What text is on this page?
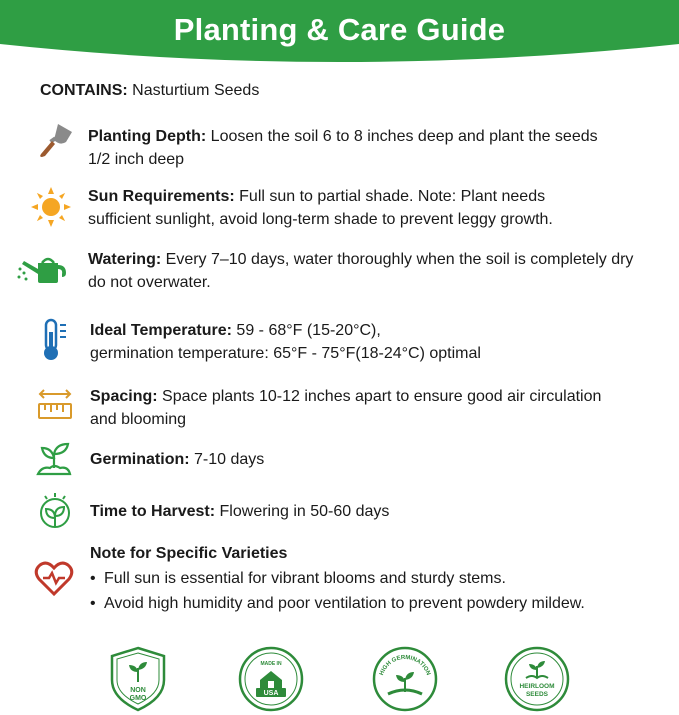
Planting & Care Guide
CONTAINS: Nasturtium Seeds
Planting Depth: Loosen the soil 6 to 8 inches deep and plant the seeds
1/2 inch deep
Sun Requirements: Full sun to partial shade. Note: Plant needs
sufficient sunlight, avoid long-term shade to prevent leggy growth.
Watering: Every 7–10 days, water thoroughly when the soil is completely dry
do not overwater.
Ideal Temperature: 59 - 68°F (15-20°C),
germination temperature: 65°F - 75°F(18-24°C) optimal
Spacing: Space plants 10-12 inches apart to ensure good air circulation
and blooming
Germination: 7-10 days
Time to Harvest: Flowering in 50-60 days
Note for Specific Varieties
• Full sun is essential for vibrant blooms and sturdy stems.
• Avoid high humidity and poor ventilation to prevent powdery mildew.
NON
GMO
MADE IN
USA
HIGH GERMINATION
HEIRLOOM
SEEDS
